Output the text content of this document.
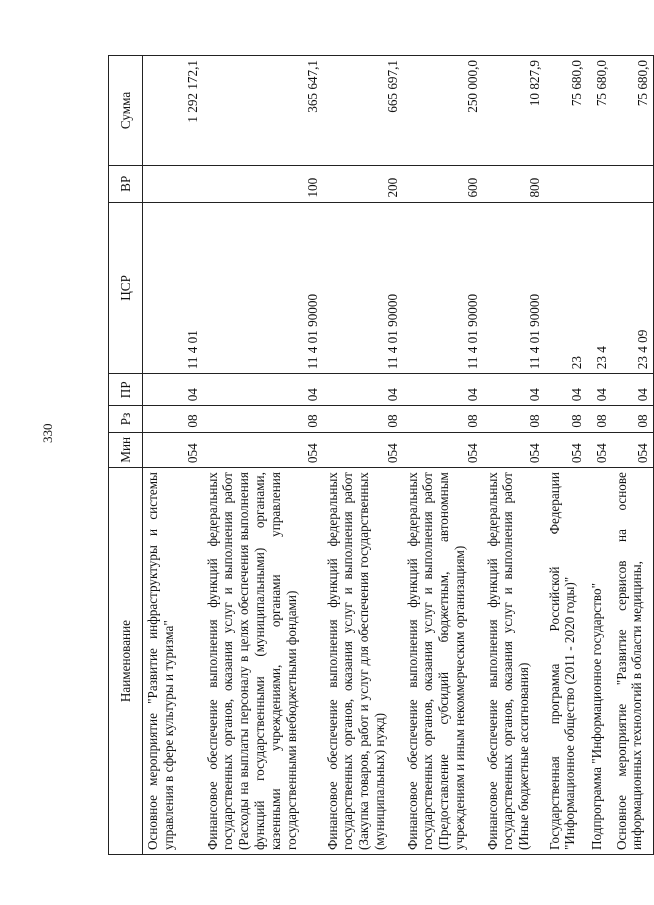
330
Наименование	Мин	Рз	ПР	ЦСР	ВР	Сумма
Основное мероприятие "Развитие инфраструктуры и системы управления в сфере культуры и туризма"	054	08	04	11 4 01		1 292 172,1
Финансовое обеспечение выполнения функций федеральных государственных органов, оказания услуг и выполнения работ (Расходы на выплаты персоналу в целях обеспечения выполнения функций государственными (муниципальными) органами, казенными учреждениями, органами управления государственными внебюджетными фондами)	054	08	04	11 4 01 90000	100	365 647,1
Финансовое обеспечение выполнения функций федеральных государственных органов, оказания услуг и выполнения работ (Закупка товаров, работ и услуг для обеспечения государственных (муниципальных) нужд)	054	08	04	11 4 01 90000	200	665 697,1
Финансовое обеспечение выполнения функций федеральных государственных органов, оказания услуг и выполнения работ (Предоставление субсидий бюджетным, автономным учреждениям и иным некоммерческим организациям)	054	08	04	11 4 01 90000	600	250 000,0
Финансовое обеспечение выполнения функций федеральных государственных органов, оказания услуг и выполнения работ (Иные бюджетные ассигнования)	054	08	04	11 4 01 90000	800	10 827,9
Государственная программа Российской Федерации "Информационное общество (2011 - 2020 годы)"	054	08	04	23		75 680,0
Подпрограмма "Информационное государство"	054	08	04	23 4		75 680,0
Основное мероприятие "Развитие сервисов на основе информационных технологий в области медицины,	054	08	04	23 4 09		75 680,0
